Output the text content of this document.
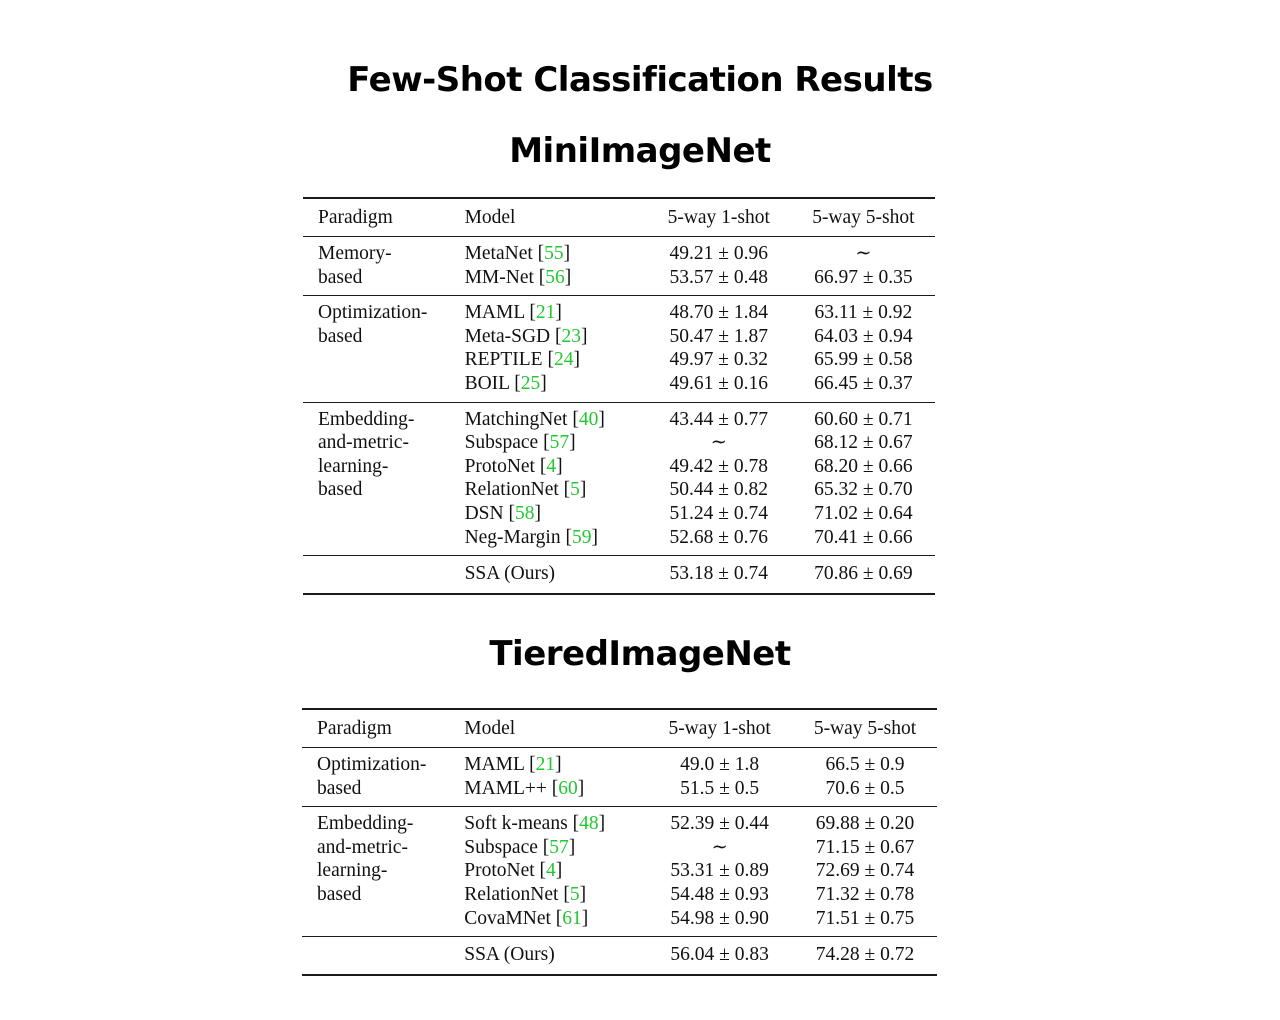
Few-Shot Classification Results
MiniImageNet
Paradigm	Model	5-way 1-shot	5-way 5-shot
Memory-
based	MetaNet [55]	49.21 ± 0.96	∼
	MM-Net [56]	53.57 ± 0.48	66.97 ± 0.35
Optimization-
based	MAML [21]	48.70 ± 1.84	63.11 ± 0.92
	Meta-SGD [23]	50.47 ± 1.87	64.03 ± 0.94
	REPTILE [24]	49.97 ± 0.32	65.99 ± 0.58
	BOIL [25]	49.61 ± 0.16	66.45 ± 0.37
Embedding-
and-metric-
learning-
based	MatchingNet [40]	43.44 ± 0.77	60.60 ± 0.71
	Subspace [57]	∼	68.12 ± 0.67
	ProtoNet [4]	49.42 ± 0.78	68.20 ± 0.66
	RelationNet [5]	50.44 ± 0.82	65.32 ± 0.70
	DSN [58]	51.24 ± 0.74	71.02 ± 0.64
	Neg-Margin [59]	52.68 ± 0.76	70.41 ± 0.66
	SSA (Ours)	53.18 ± 0.74	70.86 ± 0.69
TieredImageNet
Paradigm	Model	5-way 1-shot	5-way 5-shot
Optimization-
based	MAML [21]	49.0 ± 1.8	66.5 ± 0.9
	MAML++ [60]	51.5 ± 0.5	70.6 ± 0.5
Embedding-
and-metric-
learning-
based	Soft k-means [48]	52.39 ± 0.44	69.88 ± 0.20
	Subspace [57]	∼	71.15 ± 0.67
	ProtoNet [4]	53.31 ± 0.89	72.69 ± 0.74
	RelationNet [5]	54.48 ± 0.93	71.32 ± 0.78
	CovaMNet [61]	54.98 ± 0.90	71.51 ± 0.75
	SSA (Ours)	56.04 ± 0.83	74.28 ± 0.72
